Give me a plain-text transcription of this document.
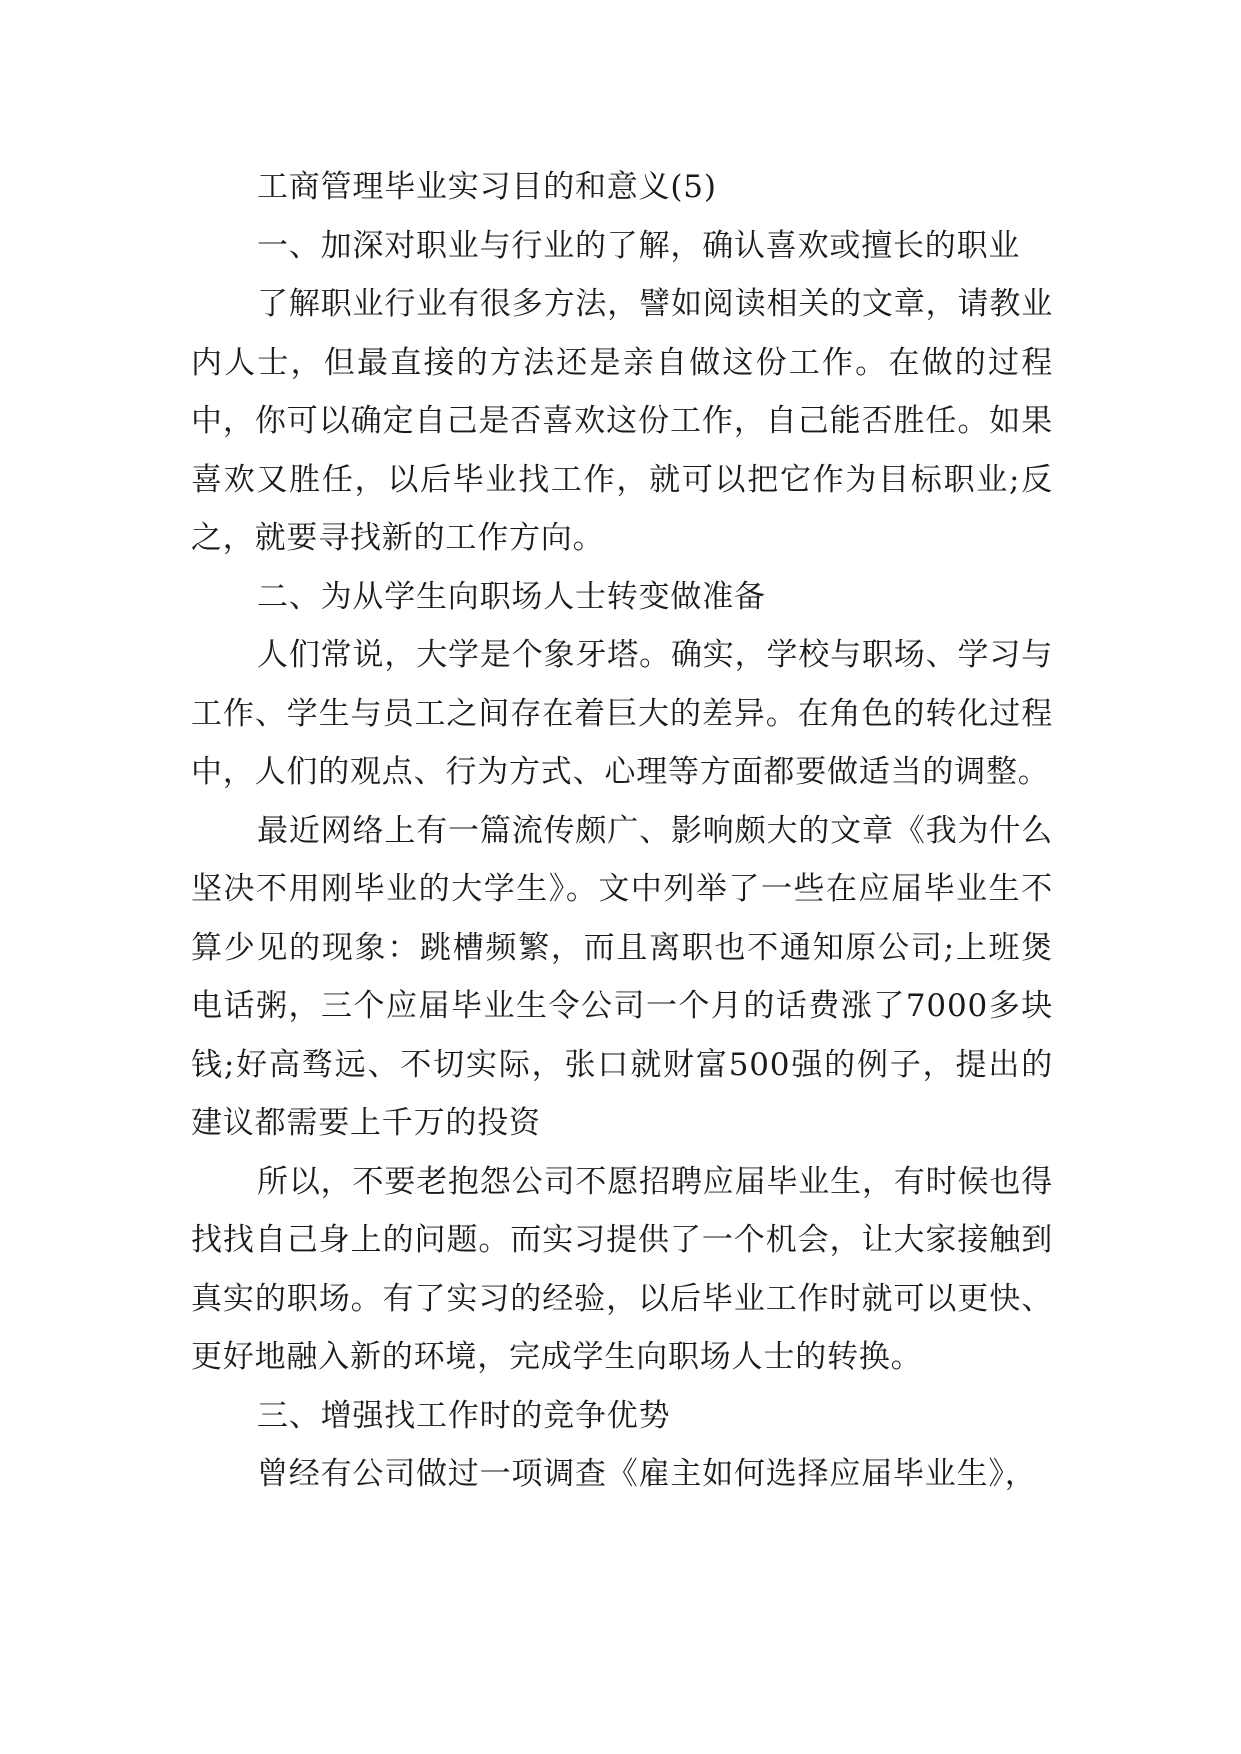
工商管理毕业实习目的和意义(5)

一、加深对职业与行业的了解，确认喜欢或擅长的职业

了解职业行业有很多方法，譬如阅读相关的文章，请教业内人士，但最直接的方法还是亲自做这份工作。在做的过程中，你可以确定自己是否喜欢这份工作，自己能否胜任。如果喜欢又胜任，以后毕业找工作，就可以把它作为目标职业;反之，就要寻找新的工作方向。

二、为从学生向职场人士转变做准备

人们常说，大学是个象牙塔。确实，学校与职场、学习与工作、学生与员工之间存在着巨大的差异。在角色的转化过程中，人们的观点、行为方式、心理等方面都要做适当的调整。

最近网络上有一篇流传颇广、影响颇大的文章《我为什么坚决不用刚毕业的大学生》。文中列举了一些在应届毕业生不算少见的现象：跳槽频繁，而且离职也不通知原公司;上班煲电话粥，三个应届毕业生令公司一个月的话费涨了7000多块钱;好高骛远、不切实际，张口就财富500强的例子，提出的建议都需要上千万的投资

所以，不要老抱怨公司不愿招聘应届毕业生，有时候也得找找自己身上的问题。而实习提供了一个机会，让大家接触到真实的职场。有了实习的经验，以后毕业工作时就可以更快、更好地融入新的环境，完成学生向职场人士的转换。

三、增强找工作时的竞争优势

曾经有公司做过一项调查《雇主如何选择应届毕业生》，
